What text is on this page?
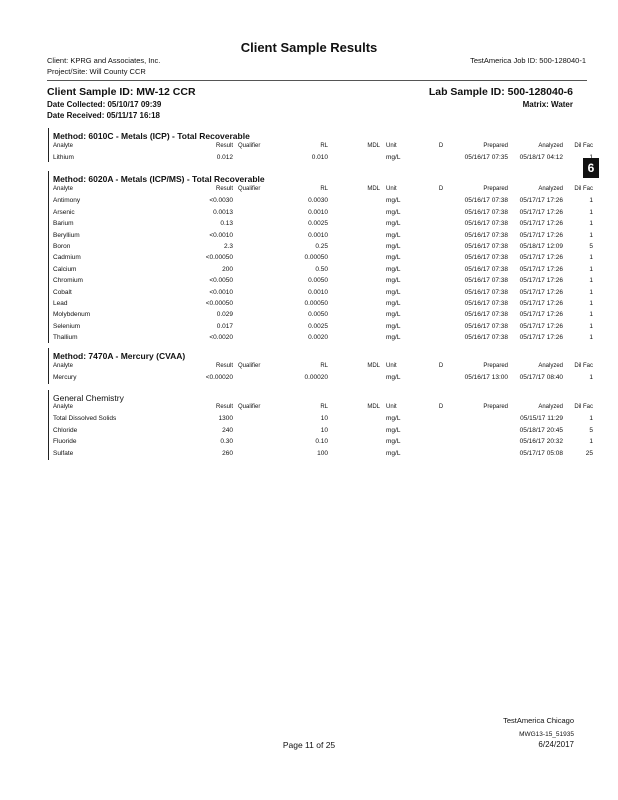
Client Sample Results
Client: KPRG and Associates, Inc.
Project/Site: Will County CCR
TestAmerica Job ID: 500-128040-1
Client Sample ID: MW-12 CCR	Lab Sample ID: 500-128040-6
Date Collected: 05/10/17 09:39	Matrix: Water
Date Received: 05/11/17 16:18
6
Method: 6010C - Metals (ICP) - Total Recoverable
Analyte	Result	Qualifier	RL	MDL	Unit	D	Prepared	Analyzed	Dil Fac
Lithium	0.012		0.010		mg/L		05/16/17 07:35	05/18/17 04:12	1
Method: 6020A - Metals (ICP/MS) - Total Recoverable
Analyte	Result	Qualifier	RL	MDL	Unit	D	Prepared	Analyzed	Dil Fac
Antimony	<0.0030		0.0030		mg/L		05/16/17 07:38	05/17/17 17:26	1
Arsenic	0.0013		0.0010		mg/L		05/16/17 07:38	05/17/17 17:26	1
Barium	0.13		0.0025		mg/L		05/16/17 07:38	05/17/17 17:26	1
Beryllium	<0.0010		0.0010		mg/L		05/16/17 07:38	05/17/17 17:26	1
Boron	2.3		0.25		mg/L		05/16/17 07:38	05/18/17 12:09	5
Cadmium	<0.00050		0.00050		mg/L		05/16/17 07:38	05/17/17 17:26	1
Calcium	200		0.50		mg/L		05/16/17 07:38	05/17/17 17:26	1
Chromium	<0.0050		0.0050		mg/L		05/16/17 07:38	05/17/17 17:26	1
Cobalt	<0.0010		0.0010		mg/L		05/16/17 07:38	05/17/17 17:26	1
Lead	<0.00050		0.00050		mg/L		05/16/17 07:38	05/17/17 17:26	1
Molybdenum	0.029		0.0050		mg/L		05/16/17 07:38	05/17/17 17:26	1
Selenium	0.017		0.0025		mg/L		05/16/17 07:38	05/17/17 17:26	1
Thallium	<0.0020		0.0020		mg/L		05/16/17 07:38	05/17/17 17:26	1
Method: 7470A - Mercury (CVAA)
Analyte	Result	Qualifier	RL	MDL	Unit	D	Prepared	Analyzed	Dil Fac
Mercury	<0.00020		0.00020		mg/L		05/16/17 13:00	05/17/17 08:40	1
General Chemistry
Analyte	Result	Qualifier	RL	MDL	Unit	D	Prepared	Analyzed	Dil Fac
Total Dissolved Solids	1300		10		mg/L			05/15/17 11:29	1
Chloride	240		10		mg/L			05/18/17 20:45	5
Fluoride	0.30		0.10		mg/L			05/16/17 20:32	1
Sulfate	260		100		mg/L			05/17/17 05:08	25
TestAmerica Chicago
Page 11 of 25
MWG13-15_51935
6/24/2017
